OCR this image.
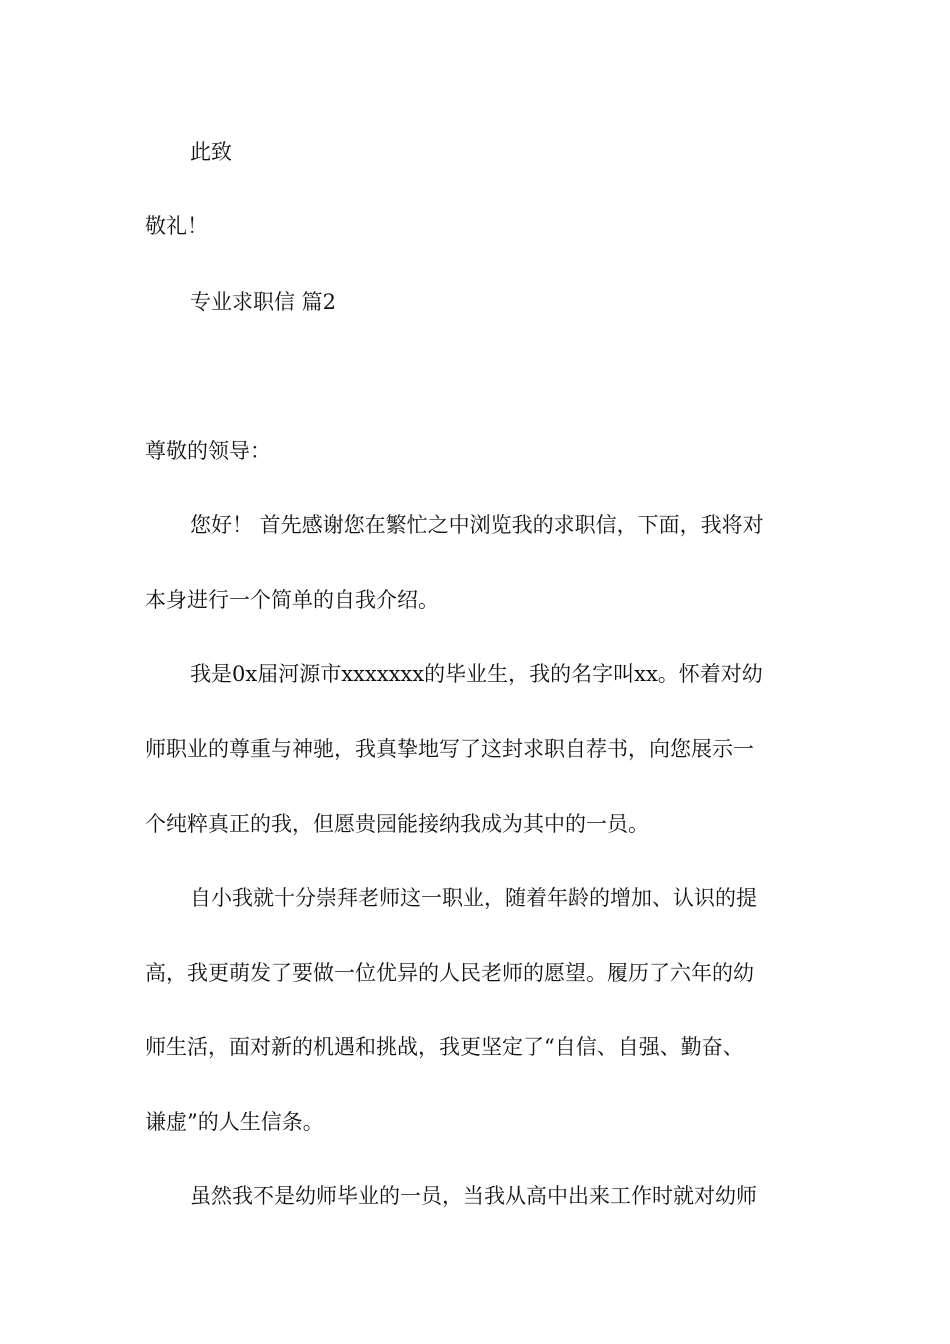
此致
敬礼！
专业求职信 篇2
尊敬的领导：
您好！ 首先感谢您在繁忙之中浏览我的求职信，下面，我将对
本身进行一个简单的自我介绍。
我是0x届河源市xxxxxxx的毕业生，我的名字叫xx。怀着对幼
师职业的尊重与神驰，我真挚地写了这封求职自荐书，向您展示一
个纯粹真正的我，但愿贵园能接纳我成为其中的一员。
自小我就十分崇拜老师这一职业，随着年龄的增加、认识的提
高，我更萌发了要做一位优异的人民老师的愿望。履历了六年的幼
师生活，面对新的机遇和挑战，我更坚定了“自信、自强、勤奋、
谦虚”的人生信条。
虽然我不是幼师毕业的一员，当我从高中出来工作时就对幼师
